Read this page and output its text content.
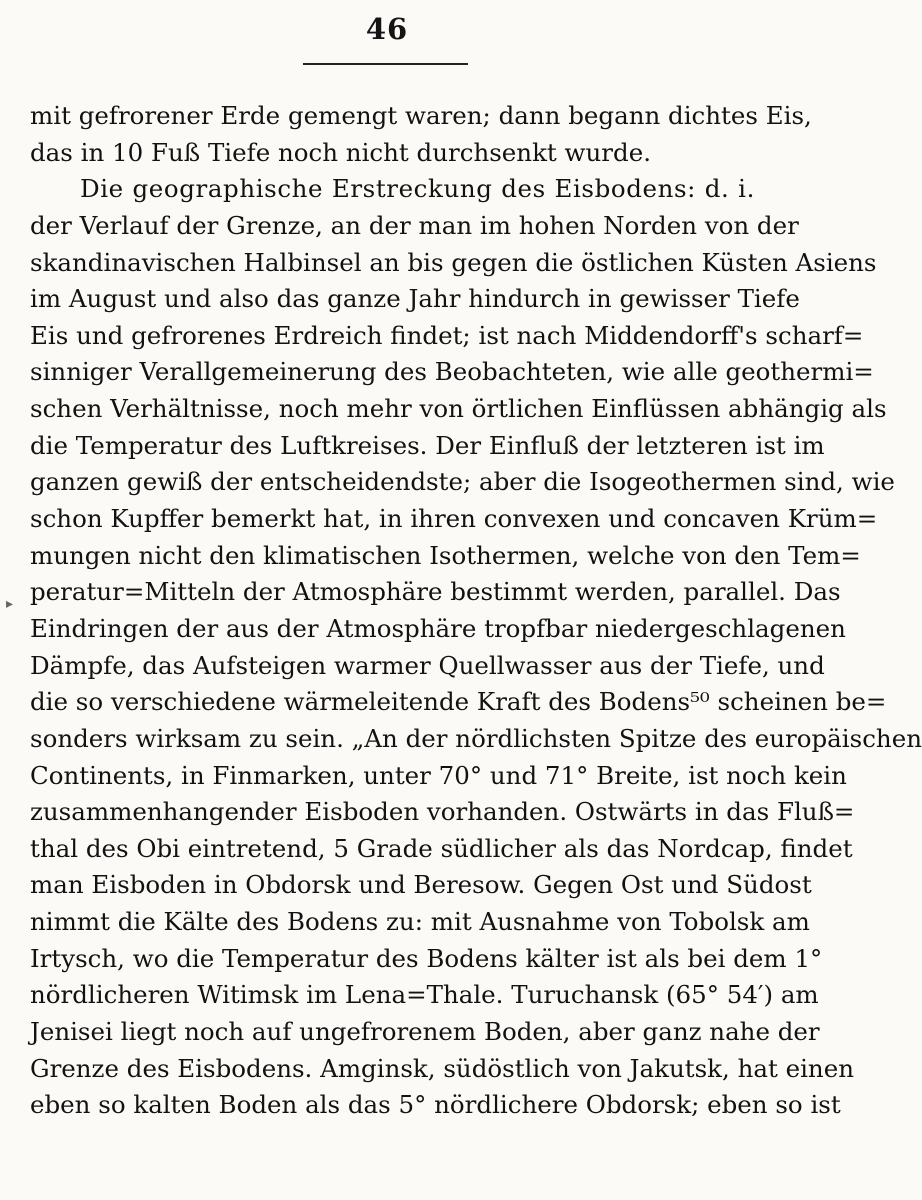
46
▸
mit gefrorener Erde gemengt waren; dann begann dichtes Eis,
das in 10 Fuß Tiefe noch nicht durchsenkt wurde.
Die geographische Erstreckung des Eisbodens: d. i.
der Verlauf der Grenze, an der man im hohen Norden von der
skandinavischen Halbinsel an bis gegen die östlichen Küsten Asiens
im August und also das ganze Jahr hindurch in gewisser Tiefe
Eis und gefrorenes Erdreich findet; ist nach Middendorff's scharf=
sinniger Verallgemeinerung des Beobachteten, wie alle geothermi=
schen Verhältnisse, noch mehr von örtlichen Einflüssen abhängig als
die Temperatur des Luftkreises. Der Einfluß der letzteren ist im
ganzen gewiß der entscheidendste; aber die Isogeothermen sind, wie
schon Kupffer bemerkt hat, in ihren convexen und concaven Krüm=
mungen nicht den klimatischen Isothermen, welche von den Tem=
peratur=Mitteln der Atmosphäre bestimmt werden, parallel. Das
Eindringen der aus der Atmosphäre tropfbar niedergeschlagenen
Dämpfe, das Aufsteigen warmer Quellwasser aus der Tiefe, und
die so verschiedene wärmeleitende Kraft des Bodens⁵⁰ scheinen be=
sonders wirksam zu sein. „An der nördlichsten Spitze des europäischen
Continents, in Finmarken, unter 70° und 71° Breite, ist noch kein
zusammenhangender Eisboden vorhanden. Ostwärts in das Fluß=
thal des Obi eintretend, 5 Grade südlicher als das Nordcap, findet
man Eisboden in Obdorsk und Beresow. Gegen Ost und Südost
nimmt die Kälte des Bodens zu: mit Ausnahme von Tobolsk am
Irtysch, wo die Temperatur des Bodens kälter ist als bei dem 1°
nördlicheren Witimsk im Lena=Thale. Turuchansk (65° 54′) am
Jenisei liegt noch auf ungefrorenem Boden, aber ganz nahe der
Grenze des Eisbodens. Amginsk, südöstlich von Jakutsk, hat einen
eben so kalten Boden als das 5° nördlichere Obdorsk; eben so ist
